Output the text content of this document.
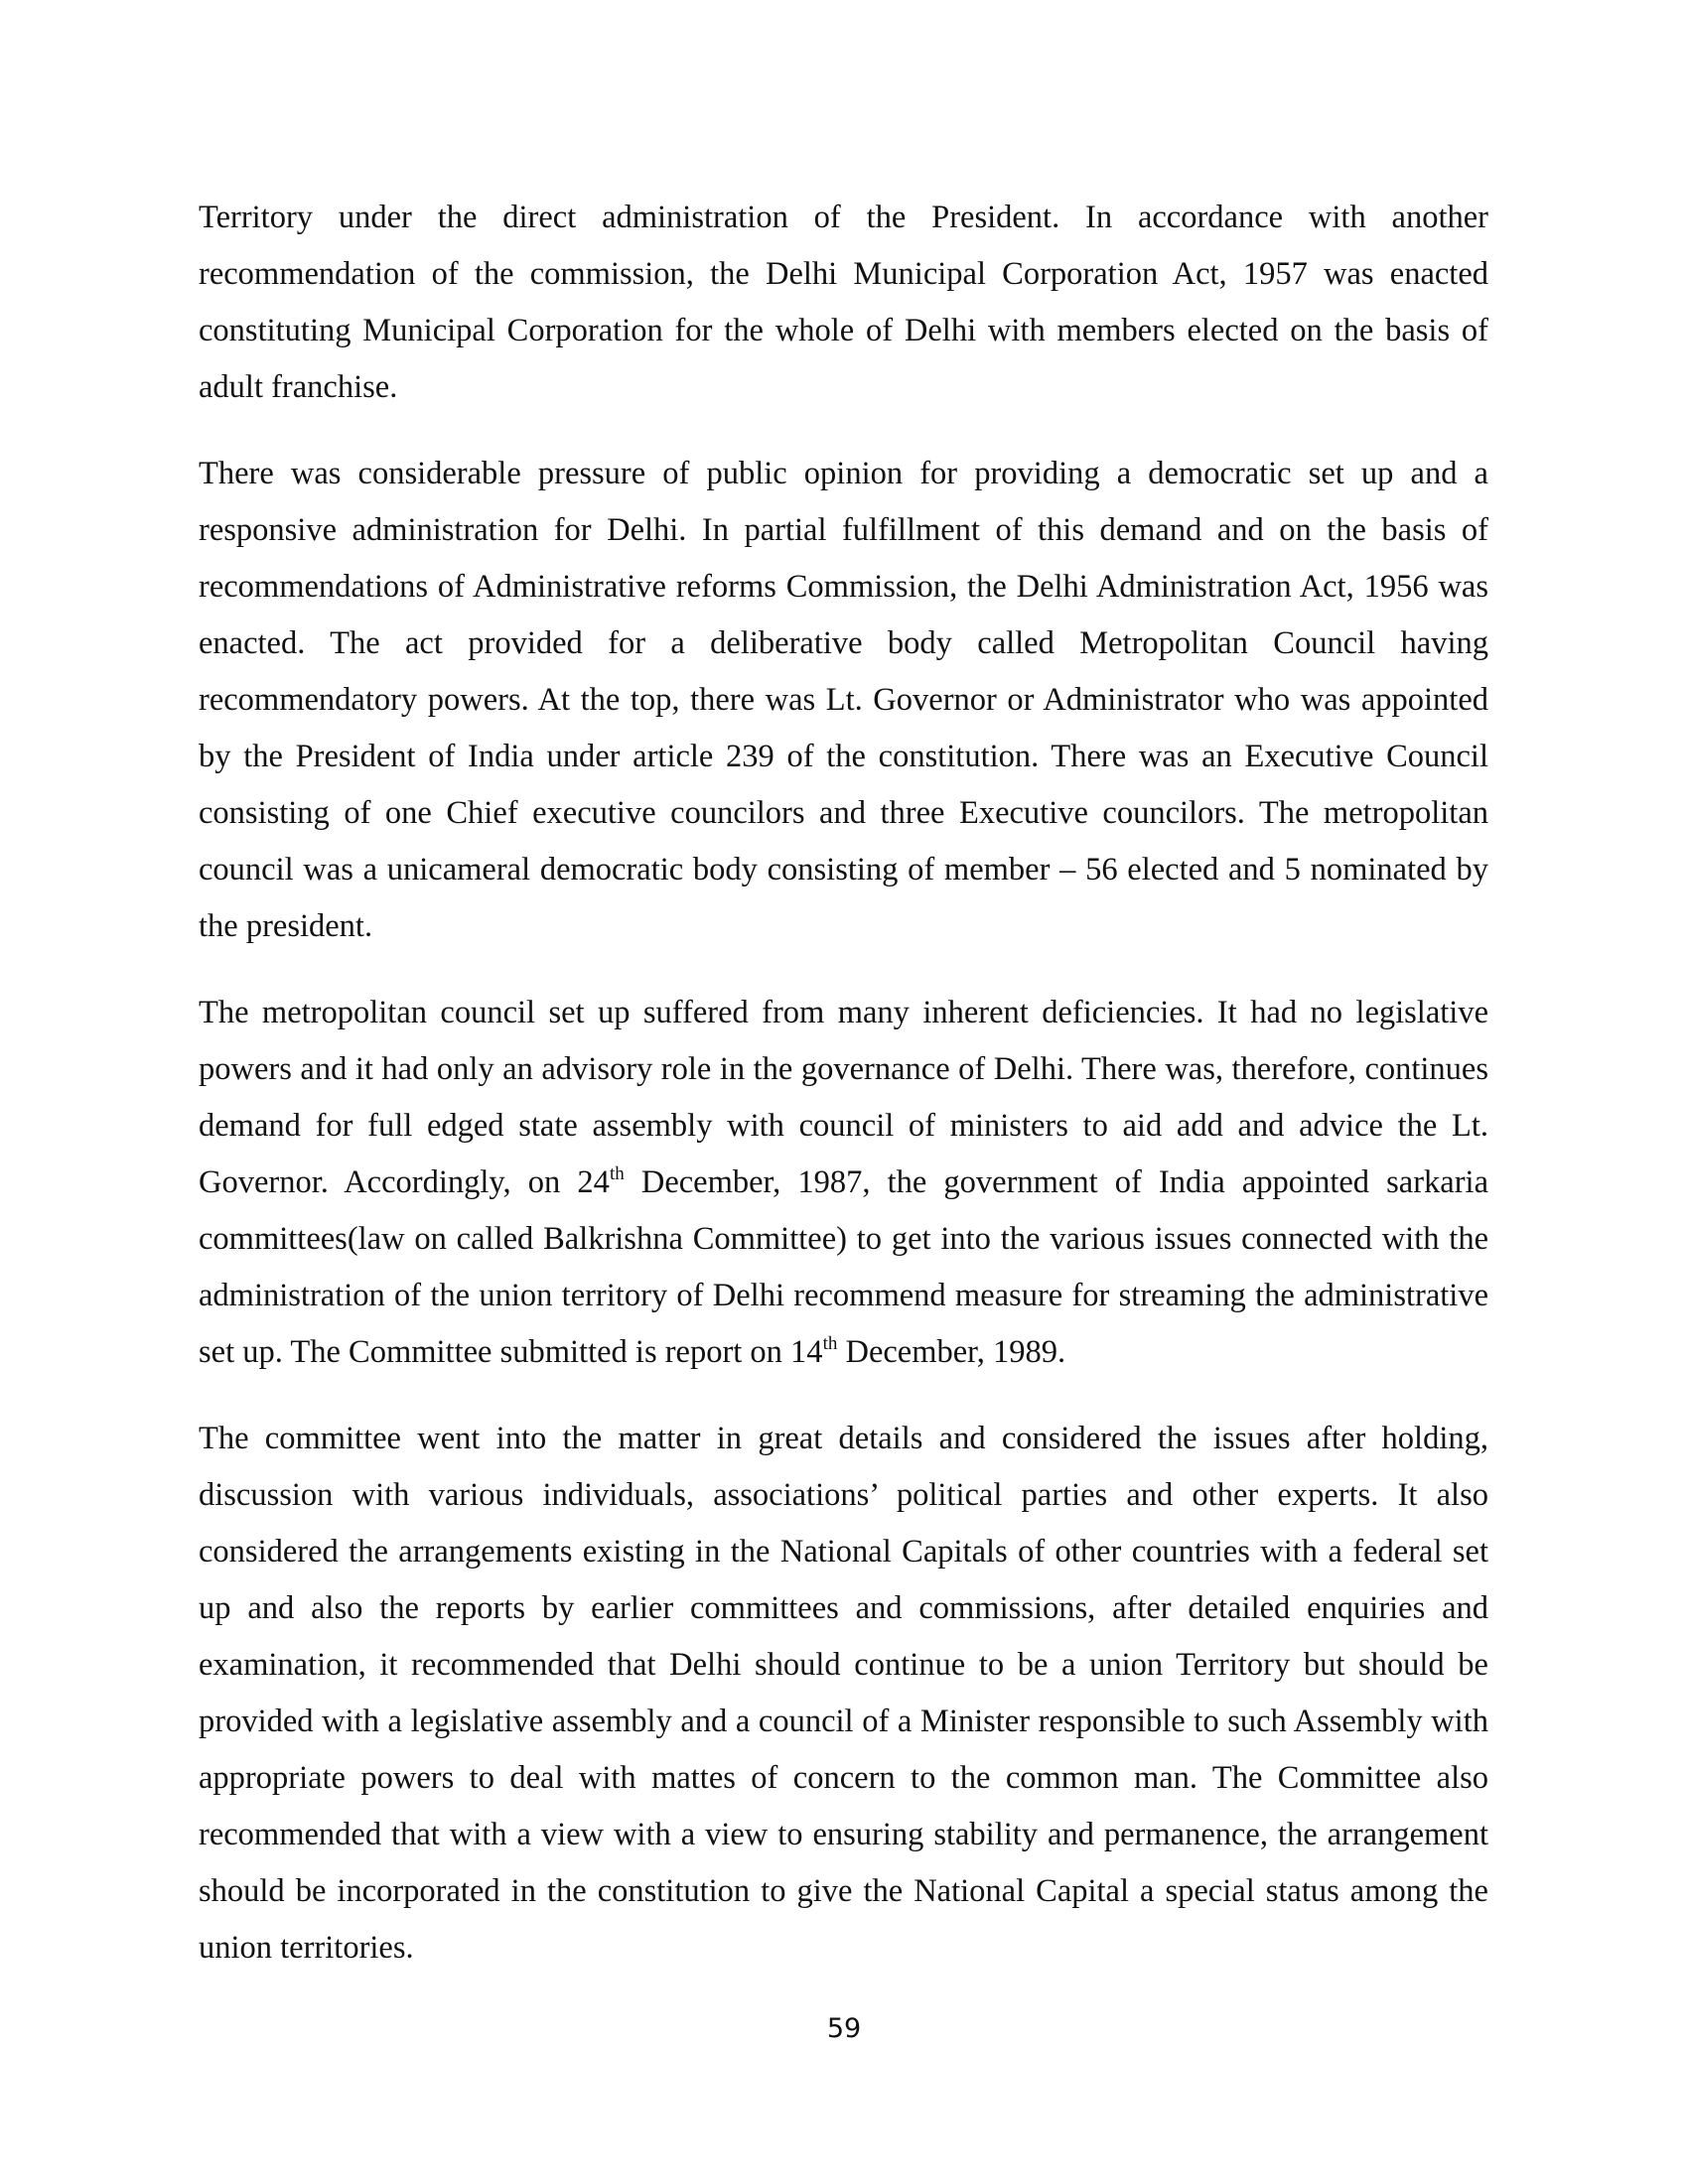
Territory under the direct administration of the President. In accordance with another recommendation of the commission, the Delhi Municipal Corporation Act, 1957 was enacted constituting Municipal Corporation for the whole of Delhi with members elected on the basis of adult franchise.

There was considerable pressure of public opinion for providing a democratic set up and a responsive administration for Delhi. In partial fulfillment of this demand and on the basis of recommendations of Administrative reforms Commission, the Delhi Administration Act, 1956 was enacted. The act provided for a deliberative body called Metropolitan Council having recommendatory powers. At the top, there was Lt. Governor or Administrator who was appointed by the President of India under article 239 of the constitution. There was an Executive Council consisting of one Chief executive councilors and three Executive councilors. The metropolitan council was a unicameral democratic body consisting of member – 56 elected and 5 nominated by the president.

The metropolitan council set up suffered from many inherent deficiencies. It had no legislative powers and it had only an advisory role in the governance of Delhi. There was, therefore, continues demand for full edged state assembly with council of ministers to aid add and advice the Lt. Governor. Accordingly, on 24th December, 1987, the government of India appointed sarkaria committees(law on called Balkrishna Committee) to get into the various issues connected with the administration of the union territory of Delhi recommend measure for streaming the administrative set up. The Committee submitted is report on 14th December, 1989.

The committee went into the matter in great details and considered the issues after holding, discussion with various individuals, associations’ political parties and other experts. It also considered the arrangements existing in the National Capitals of other countries with a federal set up and also the reports by earlier committees and commissions, after detailed enquiries and examination, it recommended that Delhi should continue to be a union Territory but should be provided with a legislative assembly and a council of a Minister responsible to such Assembly with appropriate powers to deal with mattes of concern to the common man. The Committee also recommended that with a view with a view to ensuring stability and permanence, the arrangement should be incorporated in the constitution to give the National Capital a special status among the union territories.

59
